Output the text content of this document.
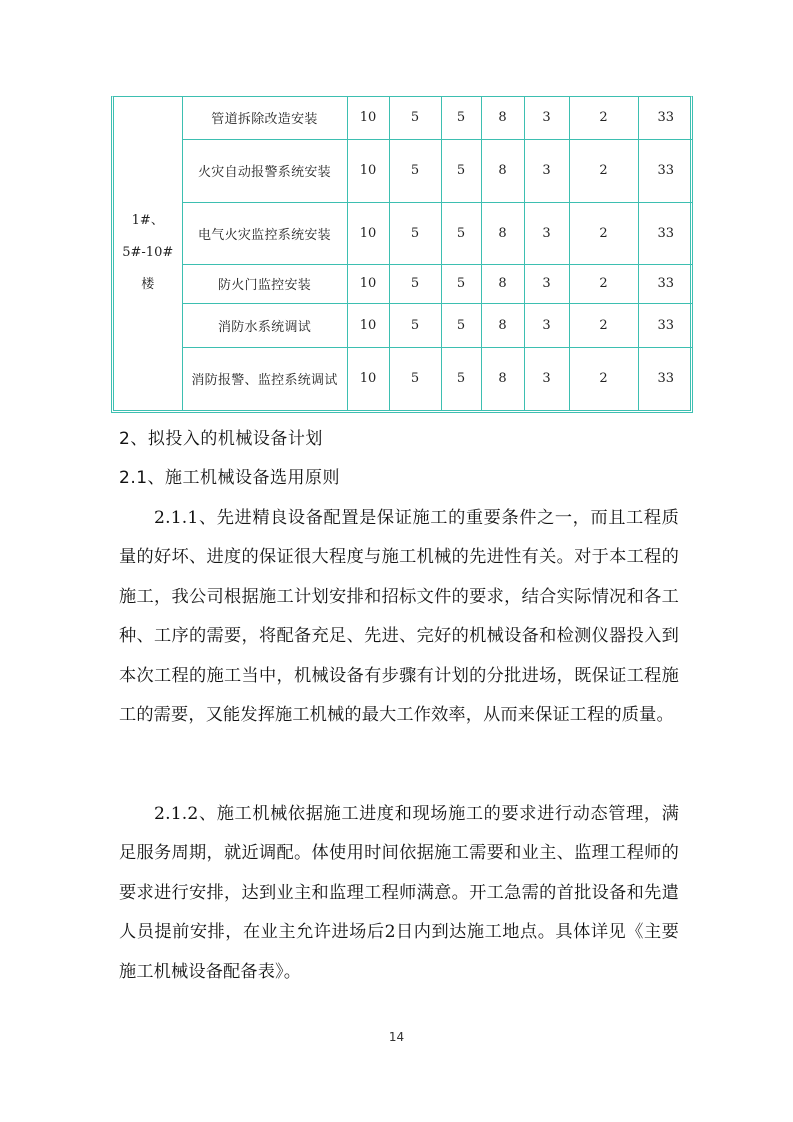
1#、
5#-10#
楼	管道拆除改造安装	10	5	5	8	3	2	33
	火灾自动报警系统安装	10	5	5	8	3	2	33
	电气火灾监控系统安装	10	5	5	8	3	2	33
	防火门监控安装	10	5	5	8	3	2	33
	消防水系统调试	10	5	5	8	3	2	33
	消防报警、监控系统调试	10	5	5	8	3	2	33
2、拟投入的机械设备计划
2.1、施工机械设备选用原则

2.1.1、先进精良设备配置是保证施工的重要条件之一，而且工程质量的好坏、进度的保证很大程度与施工机械的先进性有关。对于本工程的施工，我公司根据施工计划安排和招标文件的要求，结合实际情况和各工种、工序的需要，将配备充足、先进、完好的机械设备和检测仪器投入到本次工程的施工当中，机械设备有步骤有计划的分批进场，既保证工程施工的需要，又能发挥施工机械的最大工作效率，从而来保证工程的质量。

2.1.2、施工机械依据施工进度和现场施工的要求进行动态管理，满足服务周期，就近调配。体使用时间依据施工需要和业主、监理工程师的要求进行安排，达到业主和监理工程师满意。开工急需的首批设备和先遣人员提前安排，在业主允许进场后2日内到达施工地点。具体详见《主要施工机械设备配备表》。

14
